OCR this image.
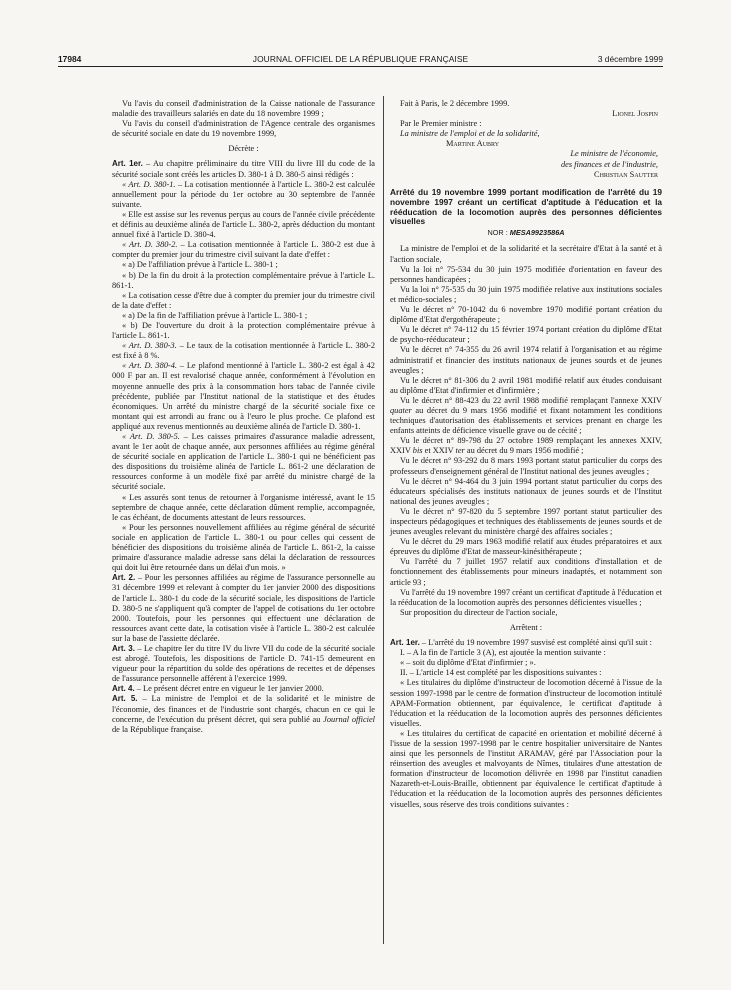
17984	JOURNAL OFFICIEL DE LA RÉPUBLIQUE FRANÇAISE	3 décembre 1999

Vu l'avis du conseil d'administration de la Caisse nationale de l'assurance maladie des travailleurs salariés en date du 18 novembre 1999 ;

Vu l'avis du conseil d'administration de l'Agence centrale des organismes de sécurité sociale en date du 19 novembre 1999,

Décrète :

Art. 1er. – Au chapitre préliminaire du titre VIII du livre III du code de la sécurité sociale sont créés les articles D. 380-1 à D. 380-5 ainsi rédigés :

« Art. D. 380-1. – La cotisation mentionnée à l'article L. 380-2 est calculée annuellement pour la période du 1er octobre au 30 septembre de l'année suivante.

« Elle est assise sur les revenus perçus au cours de l'année civile précédente et définis au deuxième alinéa de l'article L. 380-2, après déduction du montant annuel fixé à l'article D. 380-4.

« Art. D. 380-2. – La cotisation mentionnée à l'article L. 380-2 est due à compter du premier jour du trimestre civil suivant la date d'effet :

« a) De l'affiliation prévue à l'article L. 380-1 ;

« b) De la fin du droit à la protection complémentaire prévue à l'article L. 861-1.

« La cotisation cesse d'être due à compter du premier jour du trimestre civil de la date d'effet :

« a) De la fin de l'affiliation prévue à l'article L. 380-1 ;

« b) De l'ouverture du droit à la protection complémentaire prévue à l'article L. 861-1.

« Art. D. 380-3. – Le taux de la cotisation mentionnée à l'article L. 380-2 est fixé à 8 %.

« Art. D. 380-4. – Le plafond mentionné à l'article L. 380-2 est égal à 42 000 F par an. Il est revalorisé chaque année, conformément à l'évolution en moyenne annuelle des prix à la consommation hors tabac de l'année civile précédente, publiée par l'Institut national de la statistique et des études économiques. Un arrêté du ministre chargé de la sécurité sociale fixe ce montant qui est arrondi au franc ou à l'euro le plus proche. Ce plafond est appliqué aux revenus mentionnés au deuxième alinéa de l'article D. 380-1.

« Art. D. 380-5. – Les caisses primaires d'assurance maladie adressent, avant le 1er août de chaque année, aux personnes affiliées au régime général de sécurité sociale en application de l'article L. 380-1 qui ne bénéficient pas des dispositions du troisième alinéa de l'article L. 861-2 une déclaration de ressources conforme à un modèle fixé par arrêté du ministre chargé de la sécurité sociale.

« Les assurés sont tenus de retourner à l'organisme intéressé, avant le 15 septembre de chaque année, cette déclaration dûment remplie, accompagnée, le cas échéant, de documents attestant de leurs ressources.

« Pour les personnes nouvellement affiliées au régime général de sécurité sociale en application de l'article L. 380-1 ou pour celles qui cessent de bénéficier des dispositions du troisième alinéa de l'article L. 861-2, la caisse primaire d'assurance maladie adresse sans délai la déclaration de ressources qui doit lui être retournée dans un délai d'un mois. »

Art. 2. – Pour les personnes affiliées au régime de l'assurance personnelle au 31 décembre 1999 et relevant à compter du 1er janvier 2000 des dispositions de l'article L. 380-1 du code de la sécurité sociale, les dispositions de l'article D. 380-5 ne s'appliquent qu'à compter de l'appel de cotisations du 1er octobre 2000. Toutefois, pour les personnes qui effectuent une déclaration de ressources avant cette date, la cotisation visée à l'article L. 380-2 est calculée sur la base de l'assiette déclarée.

Art. 3. – Le chapitre Ier du titre IV du livre VII du code de la sécurité sociale est abrogé. Toutefois, les dispositions de l'article D. 741-15 demeurent en vigueur pour la répartition du solde des opérations de recettes et de dépenses de l'assurance personnelle afférent à l'exercice 1999.

Art. 4. – Le présent décret entre en vigueur le 1er janvier 2000.

Art. 5. – La ministre de l'emploi et de la solidarité et le ministre de l'économie, des finances et de l'industrie sont chargés, chacun en ce qui le concerne, de l'exécution du présent décret, qui sera publié au Journal officiel de la République française.

Fait à Paris, le 2 décembre 1999.

Lionel Jospin

Par le Premier ministre :

La ministre de l'emploi et de la solidarité,

Martine Aubry

Le ministre de l'économie,

des finances et de l'industrie,

Christian Sautter

Arrêté du 19 novembre 1999 portant modification de l'arrêté du 19 novembre 1997 créant un certificat d'aptitude à l'éducation et la rééducation de la locomotion auprès des personnes déficientes visuelles

NOR : MESA9923586A

La ministre de l'emploi et de la solidarité et la secrétaire d'Etat à la santé et à l'action sociale,

Vu la loi n° 75-534 du 30 juin 1975 modifiée d'orientation en faveur des personnes handicapées ;

Vu la loi n° 75-535 du 30 juin 1975 modifiée relative aux institutions sociales et médico-sociales ;

Vu le décret n° 70-1042 du 6 novembre 1970 modifié portant création du diplôme d'Etat d'ergothérapeute ;

Vu le décret n° 74-112 du 15 février 1974 portant création du diplôme d'Etat de psycho-rééducateur ;

Vu le décret n° 74-355 du 26 avril 1974 relatif à l'organisation et au régime administratif et financier des instituts nationaux de jeunes sourds et de jeunes aveugles ;

Vu le décret n° 81-306 du 2 avril 1981 modifié relatif aux études conduisant au diplôme d'Etat d'infirmier et d'infirmière ;

Vu le décret n° 88-423 du 22 avril 1988 modifié remplaçant l'annexe XXIV quater au décret du 9 mars 1956 modifié et fixant notamment les conditions techniques d'autorisation des établissements et services prenant en charge les enfants atteints de déficience visuelle grave ou de cécité ;

Vu le décret n° 89-798 du 27 octobre 1989 remplaçant les annexes XXIV, XXIV bis et XXIV ter au décret du 9 mars 1956 modifié ;

Vu le décret n° 93-292 du 8 mars 1993 portant statut particulier du corps des professeurs d'enseignement général de l'Institut national des jeunes aveugles ;

Vu le décret n° 94-464 du 3 juin 1994 portant statut particulier du corps des éducateurs spécialisés des instituts nationaux de jeunes sourds et de l'Institut national des jeunes aveugles ;

Vu le décret n° 97-820 du 5 septembre 1997 portant statut particulier des inspecteurs pédagogiques et techniques des établissements de jeunes sourds et de jeunes aveugles relevant du ministère chargé des affaires sociales ;

Vu le décret du 29 mars 1963 modifié relatif aux études préparatoires et aux épreuves du diplôme d'Etat de masseur-kinésithérapeute ;

Vu l'arrêté du 7 juillet 1957 relatif aux conditions d'installation et de fonctionnement des établissements pour mineurs inadaptés, et notamment son article 93 ;

Vu l'arrêté du 19 novembre 1997 créant un certificat d'aptitude à l'éducation et la rééducation de la locomotion auprès des personnes déficientes visuelles ;

Sur proposition du directeur de l'action sociale,

Arrêtent :

Art. 1er. – L'arrêté du 19 novembre 1997 susvisé est complété ainsi qu'il suit :

I. – A la fin de l'article 3 (A), est ajoutée la mention suivante :

« – soit du diplôme d'Etat d'infirmier ; ».

II. – L'article 14 est complété par les dispositions suivantes :

« Les titulaires du diplôme d'instructeur de locomotion décerné à l'issue de la session 1997-1998 par le centre de formation d'instructeur de locomotion intitulé APAM-Formation obtiennent, par équivalence, le certificat d'aptitude à l'éducation et la rééducation de la locomotion auprès des personnes déficientes visuelles.

« Les titulaires du certificat de capacité en orientation et mobilité décerné à l'issue de la session 1997-1998 par le centre hospitalier universitaire de Nantes ainsi que les personnels de l'institut ARAMAV, géré par l'Association pour la réinsertion des aveugles et malvoyants de Nîmes, titulaires d'une attestation de formation d'instructeur de locomotion délivrée en 1998 par l'institut canadien Nazareth-et-Louis-Braille, obtiennent par équivalence le certificat d'aptitude à l'éducation et la rééducation de la locomotion auprès des personnes déficientes visuelles, sous réserve des trois conditions suivantes :
